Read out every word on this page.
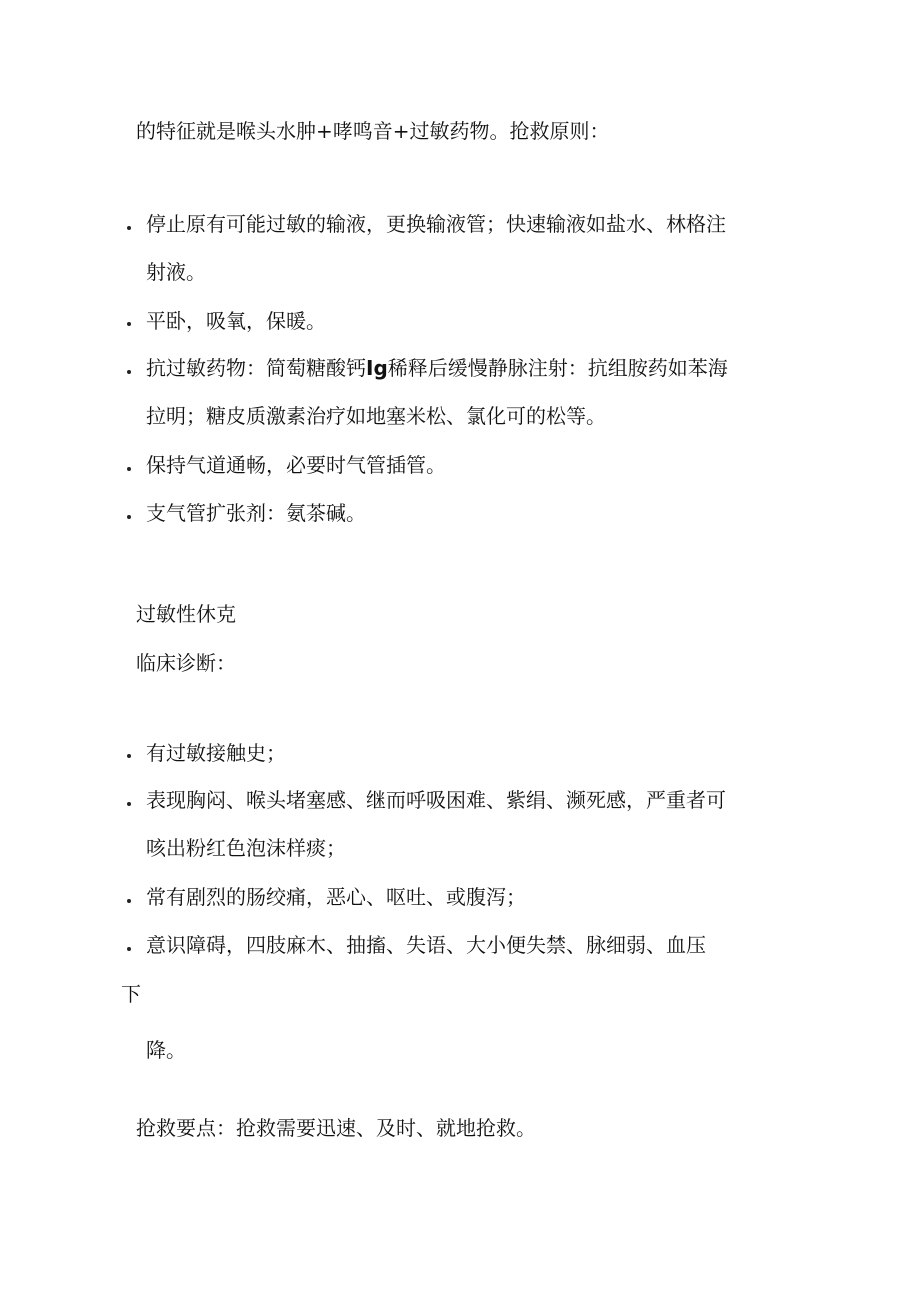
的特征就是喉头水肿+哮鸣音+过敏药物。抢救原则：
停止原有可能过敏的输液，更换输液管；快速输液如盐水、林格注
射液。
平卧，吸氧，保暖。
抗过敏药物：简萄糖酸钙Ig稀释后缓慢静脉注射：抗组胺药如苯海
拉明；糖皮质激素治疗如地塞米松、氯化可的松等。
保持气道通畅，必要时气管插管。
支气管扩张剂：氨茶碱。
过敏性休克
临床诊断：
有过敏接触史；
表现胸闷、喉头堵塞感、继而呼吸困难、紫绢、濒死感，严重者可
咳出粉红色泡沫样痰；
常有剧烈的肠绞痛，恶心、呕吐、或腹泻；
意识障碍，四肢麻木、抽搐、失语、大小便失禁、脉细弱、血压
下
降。
抢救要点：抢救需要迅速、及时、就地抢救。
